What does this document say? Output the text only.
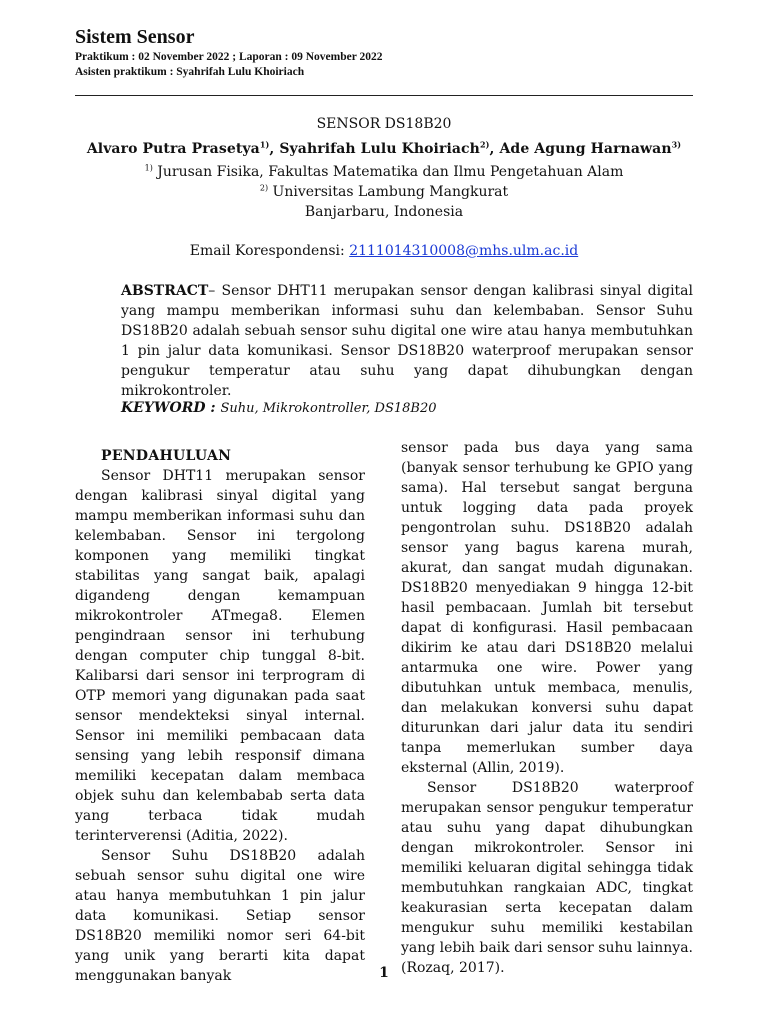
Sistem Sensor
Praktikum : 02 November 2022 ; Laporan : 09 November 2022
Asisten praktikum : Syahrifah Lulu Khoiriach
SENSOR DS18B20
Alvaro Putra Prasetya$^{1)}$, Syahrifah Lulu Khoiriach$^{2)}$, Ade Agung Harnawan$^{3)}$
$^{1)}$ Jurusan Fisika, Fakultas Matematika dan Ilmu Pengetahuan Alam
$^{2)}$ Universitas Lambung Mangkurat
Banjarbaru, Indonesia
Email Korespondensi: 2111014310008@mhs.ulm.ac.id
ABSTRACT– Sensor DHT11 merupakan sensor dengan kalibrasi sinyal digital yang mampu memberikan informasi suhu dan kelembaban. Sensor Suhu DS18B20 adalah sebuah sensor suhu digital one wire atau hanya membutuhkan 1 pin jalur data komunikasi. Sensor DS18B20 waterproof merupakan sensor pengukur temperatur atau suhu yang dapat dihubungkan dengan mikrokontroler.
KEYWORD : Suhu, Mikrokontroller, DS18B20

PENDAHULUAN

Sensor DHT11 merupakan sensor dengan kalibrasi sinyal digital yang mampu memberikan informasi suhu dan kelembaban. Sensor ini tergolong komponen yang memiliki tingkat stabilitas yang sangat baik, apalagi digandeng dengan kemampuan mikrokontroler ATmega8. Elemen pengindraan sensor ini terhubung dengan computer chip tunggal 8-bit. Kalibarsi dari sensor ini terprogram di OTP memori yang digunakan pada saat sensor mendekteksi sinyal internal. Sensor ini memiliki pembacaan data sensing yang lebih responsif dimana memiliki kecepatan dalam membaca objek suhu dan kelembabab serta data yang terbaca tidak mudah terinterverensi (Aditia, 2022).

Sensor Suhu DS18B20 adalah sebuah sensor suhu digital one wire atau hanya membutuhkan 1 pin jalur data komunikasi. Setiap sensor DS18B20 memiliki nomor seri 64-bit yang unik yang berarti kita dapat menggunakan banyak

sensor pada bus daya yang sama (banyak sensor terhubung ke GPIO yang sama). Hal tersebut sangat berguna untuk logging data pada proyek pengontrolan suhu. DS18B20 adalah sensor yang bagus karena murah, akurat, dan sangat mudah digunakan. DS18B20 menyediakan 9 hingga 12-bit hasil pembacaan. Jumlah bit tersebut dapat di konfigurasi. Hasil pembacaan dikirim ke atau dari DS18B20 melalui antarmuka one wire. Power yang dibutuhkan untuk membaca, menulis, dan melakukan konversi suhu dapat diturunkan dari jalur data itu sendiri tanpa memerlukan sumber daya eksternal (Allin, 2019).

Sensor DS18B20 waterproof merupakan sensor pengukur temperatur atau suhu yang dapat dihubungkan dengan mikrokontroler. Sensor ini memiliki keluaran digital sehingga tidak membutuhkan rangkaian ADC, tingkat keakurasian serta kecepatan dalam mengukur suhu memiliki kestabilan yang lebih baik dari sensor suhu lainnya. (Rozaq, 2017).

1
